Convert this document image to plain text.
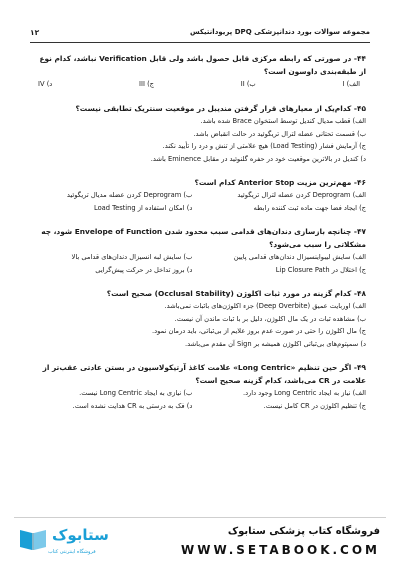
مجموعه سوالات بورد دندانپزشکی DPQ پریودانتیکس
۱۲
۴۴- در صورتی که رابطه مرکزی قابل حصول باشد ولی قابل Verification نباشد، کدام نوع از طبقه‌بندی داوسون است؟
الف) I
ب) II
ج) III
د) IV
۴۵- کدام‌یک از معیارهای قرار گرفتن مندیبل در موقعیت سنتریک تطابقی نیست؟
الف) قطب مدیال کندیل توسط استخوان Brace شده باشد.
ب) قسمت تحتانی عضله لترال تریگوئید در حالت انقباض باشد.
ج) آزمایش فشار (Load Testing) هیچ علامتی از تنش و درد را تأیید نکند.
د) کندیل در بالاترین موقعیت خود در حفره گلنوئید در مقابل Eminence باشد.
۴۶- مهم‌ترین مزیت Anterior Stop کدام است؟
الف) Deprogram کردن عضله لترال تریگوئید
ب) Deprogram کردن عضله مدیال تریگوئید
ج) ایجاد فضا جهت ماده ثبت کننده رابطه
د) امکان استفاده از Load Testing
۴۷- چنانچه بازسازی دندان‌های قدامی سبب محدود شدن Envelope of Function شود، چه مشکلاتی را سبب می‌شود؟
الف) سایش لیبواینسیزال دندان‌های قدامی پایین
ب) سایش لبه انسیزال دندان‌های قدامی بالا
ج) اختلال در Lip Closure Path
د) بروز تداخل در حرکت پیش‌گرایی
۴۸- کدام گزینه در مورد ثبات اکلوژن (Occlusal Stability) صحیح است؟
الف) اوربایت عمیق (Deep Overbite) جزء اکلوژن‌های باثبات نمی‌باشد.
ب) مشاهده ثبات در یک مال اکلوژن، دلیل بر با ثبات ماندن آن نیست.
ج) مال اکلوژن را حتی در صورت عدم بروز علایم از بی‌ثباتی، باید درمان نمود.
د) سمپتوم‌های بی‌ثباتی اکلوژن همیشه بر Sign آن مقدم می‌باشد.
۴۹- اگر حین تنظیم «Long Centric» علامت کاغذ آرتیکولاسیون در بستن عادتی عقب‌تر از علامت در CR می‌باشد، کدام گزینه صحیح است؟
الف) نیاز به ایجاد Long Centric وجود دارد.
ب) نیازی به ایجاد Long Centric نیست.
ج) تنظیم اکلوژن در CR کامل نیست.
د) فک به درستی به CR هدایت نشده است.
ستابوک
فروشگاه اینترنتی کتاب
فروشگاه کتاب پزشکی ستابوک
WWW.SETABOOK.COM
